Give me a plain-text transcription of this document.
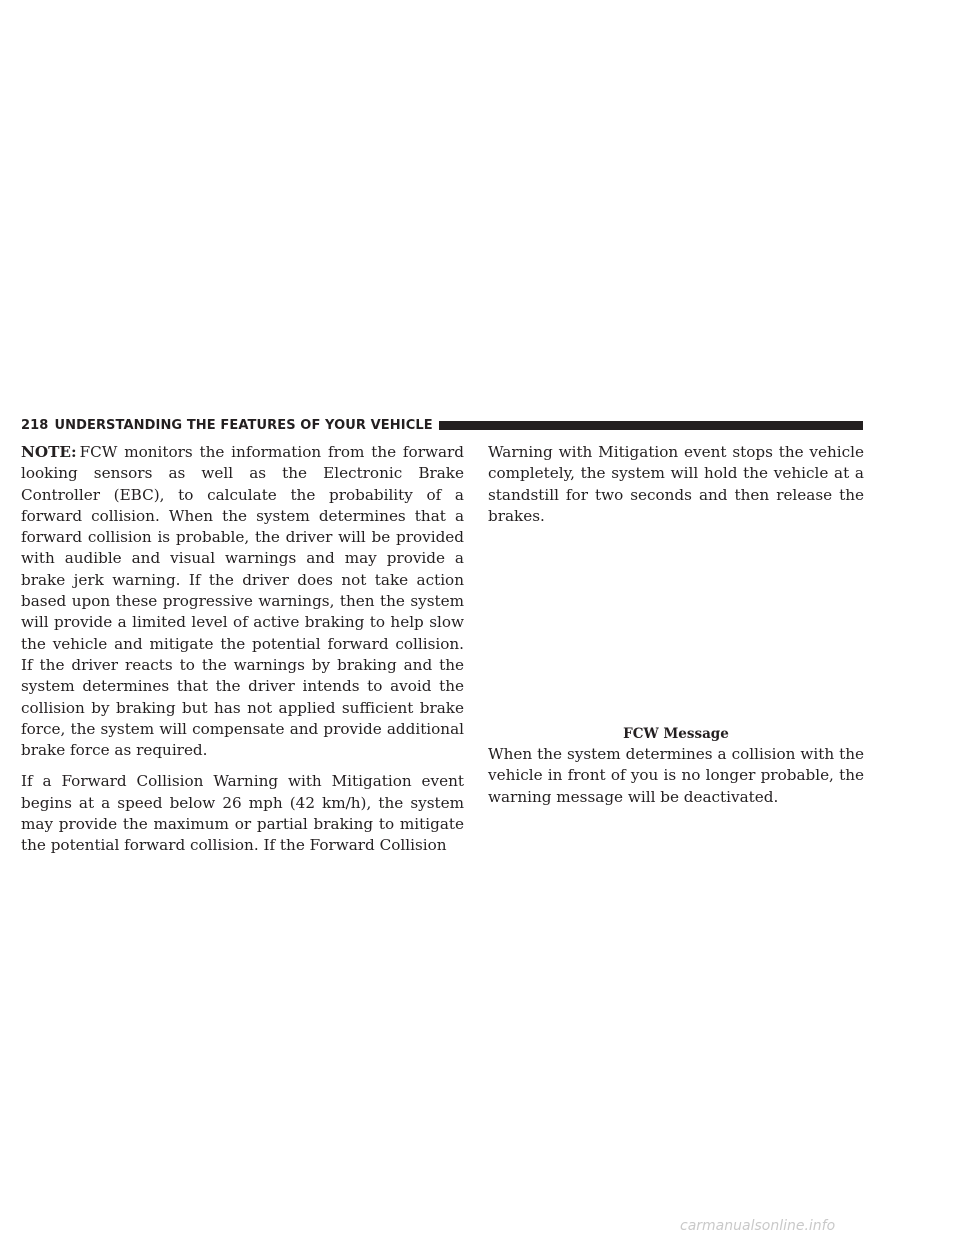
218 UNDERSTANDING THE FEATURES OF YOUR VEHICLE

NOTE: FCW monitors the information from the forward looking sensors as well as the Electronic Brake Controller (EBC), to calculate the probability of a forward collision. When the system determines that a forward collision is probable, the driver will be provided with audible and visual warnings and may provide a brake jerk warning. If the driver does not take action based upon these progressive warnings, then the system will provide a limited level of active braking to help slow the vehicle and mitigate the potential forward collision. If the driver reacts to the warnings by braking and the system determines that the driver intends to avoid the collision by braking but has not applied sufficient brake force, the system will compensate and provide additional brake force as required.

If a Forward Collision Warning with Mitigation event begins at a speed below 26 mph (42 km/h), the system may provide the maximum or partial braking to mitigate the potential forward collision. If the Forward Collision

Warning with Mitigation event stops the vehicle completely, the system will hold the vehicle at a standstill for two seconds and then release the brakes.

FCW Message

When the system determines a collision with the vehicle in front of you is no longer probable, the warning message will be deactivated.

carmanualsonline.info
